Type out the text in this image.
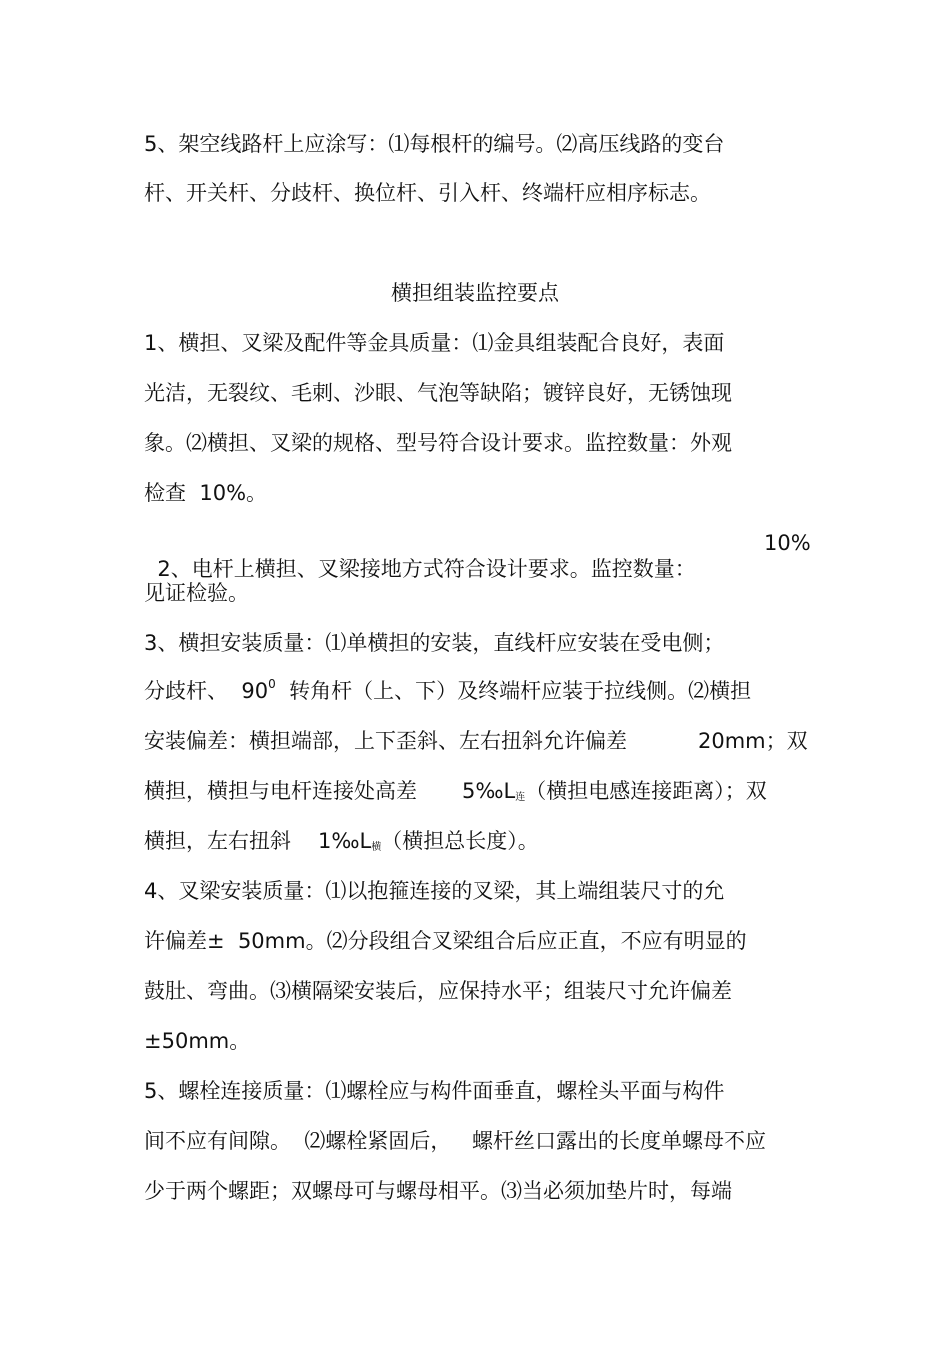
5、架空线路杆上应涂写：⑴每根杆的编号。⑵高压线路的变台
杆、开关杆、分歧杆、换位杆、引入杆、终端杆应相序标志。
横担组装监控要点
1、横担、叉梁及配件等金具质量：⑴金具组装配合良好，表面
光洁，无裂纹、毛刺、沙眼、气泡等缺陷；镀锌良好，无锈蚀现
象。⑵横担、叉梁的规格、型号符合设计要求。监控数量：外观
检查  10%。

2、电杆上横担、叉梁接地方式符合设计要求。监控数量：

10%
见证检验。
3、横担安装质量：⑴单横担的安装，直线杆应安装在受电侧；
分歧杆、  $90^0$  转角杆（上、下）及终端杆应装于拉线侧。⑵横担
安装偏差：横担端部，上下歪斜、左右扭斜允许偏差	20mm；双
横担，横担与电杆连接处高差 $5‰L_连$（横担电感连接距离）；双
横担，左右扭斜 $1‰L_横$（横担总长度）。
4、叉梁安装质量：⑴以抱箍连接的叉梁，其上端组装尺寸的允
许偏差±  50mm。⑵分段组合叉梁组合后应正直，不应有明显的
鼓肚、弯曲。⑶横隔梁安装后，应保持水平；组装尺寸允许偏差
±50mm。
5、螺栓连接质量：⑴螺栓应与构件面垂直，螺栓头平面与构件
间不应有间隙。  ⑵螺栓紧固后， 螺杆丝口露出的长度单螺母不应
少于两个螺距；双螺母可与螺母相平。⑶当必须加垫片时，每端
